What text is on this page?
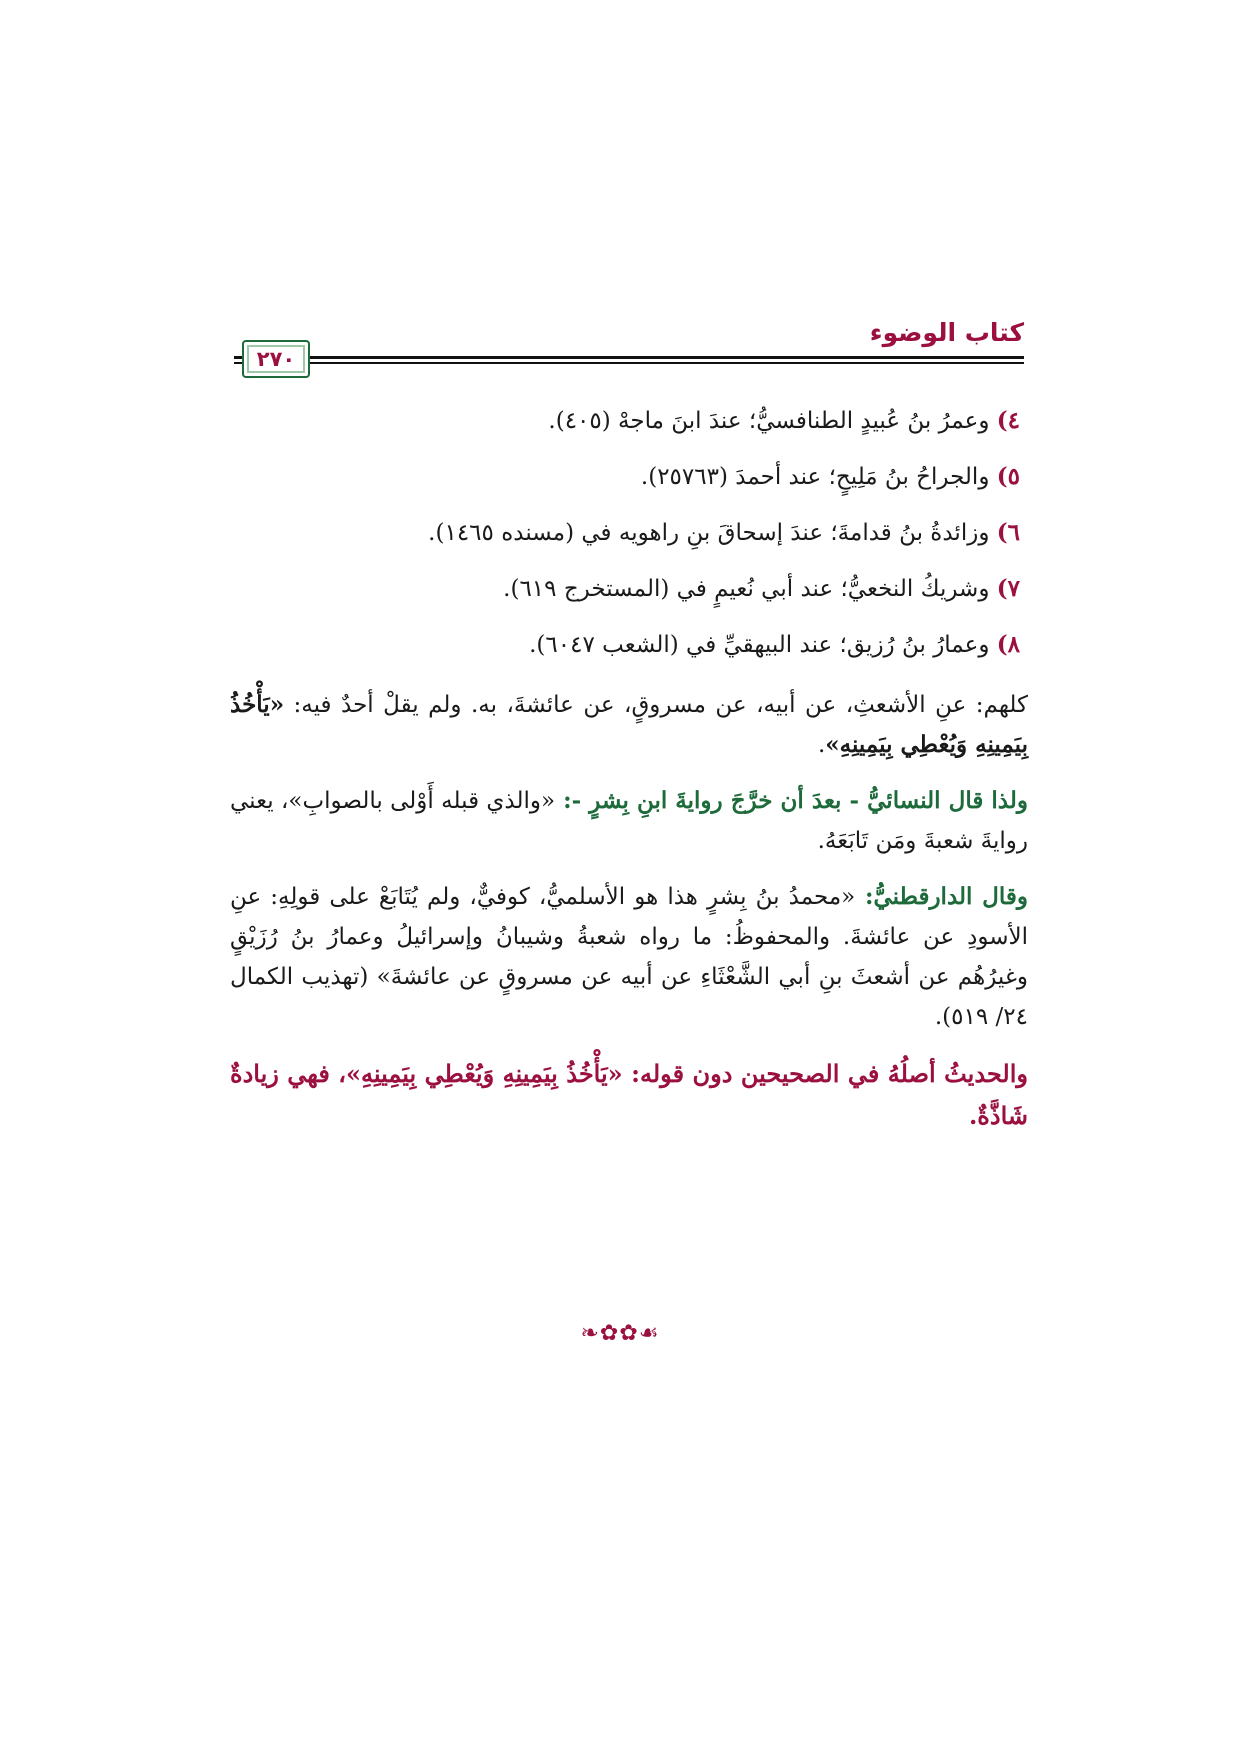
كتاب الوضوء
٢٧٠
٤) وعمرُ بنُ عُبيدٍ الطنافسيُّ؛ عندَ ابنَ ماجهْ (٤٠٥).
٥) والجراحُ بنُ مَلِيحٍ؛ عند أحمدَ (٢٥٧٦٣).
٦) وزائدةُ بنُ قدامةَ؛ عندَ إسحاقَ بنِ راهويه في (مسنده ١٤٦٥).
٧) وشريكُ النخعيُّ؛ عند أبي نُعيمٍ في (المستخرج ٦١٩).
٨) وعمارُ بنُ رُزيق؛ عند البيهقيِّ في (الشعب ٦٠٤٧).

كلهم: عنِ الأشعثِ، عن أبيه، عن مسروقٍ، عن عائشةَ، به. ولم يقلْ أحدٌ فيه: «يَأْخُذُ بِيَمِينِهِ وَيُعْطِي بِيَمِينِهِ».

ولذا قال النسائيُّ - بعدَ أن خرَّجَ روايةَ ابنِ بِشرٍ -: «والذي قبله أَوْلى بالصوابِ»، يعني روايةَ شعبةَ ومَن تَابَعَهُ.

وقال الدارقطنيُّ: «محمدُ بنُ بِشرٍ هذا هو الأسلميُّ، كوفيٌّ، ولم يُتَابَعْ على قولِهِ: عنِ الأسودِ عن عائشةَ. والمحفوظُ: ما رواه شعبةُ وشيبانُ وإسرائيلُ وعمارُ بنُ رُزَيْقٍ وغيرُهُم عن أشعثَ بنِ أبي الشَّعْثَاءِ عن أبيه عن مسروقٍ عن عائشةَ» (تهذيب الكمال ٢٤/ ٥١٩).

والحديثُ أصلُهُ في الصحيحين دون قوله: «يَأْخُذُ بِيَمِينِهِ وَيُعْطِي بِيَمِينِهِ»، فهي زيادةٌ شَاذَّةٌ.

❧✿✿☙
